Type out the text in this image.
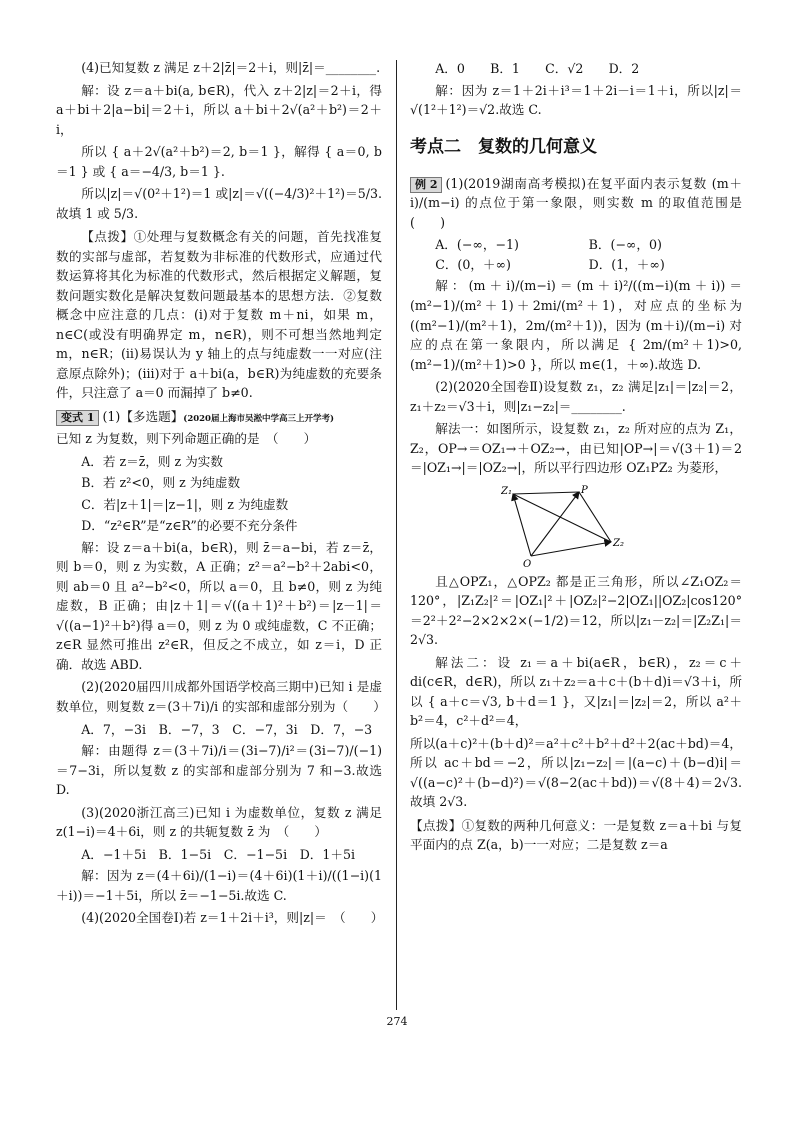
(4)已知复数 z 满足 z＋2|z̄|＝2＋i，则|z̄|＝________.

解：设 z＝a＋bi(a, b∈R)，代入 z＋2|z|＝2＋i，得 a＋bi＋2|a−bi|＝2＋i，所以 a＋bi＋2√(a²＋b²)＝2＋i，

所以 { a＋2√(a²＋b²)＝2, b＝1 }，解得 { a＝0, b＝1 } 或 { a＝−4/3, b＝1 }.

所以|z|＝√(0²＋1²)＝1 或|z|＝√((−4/3)²＋1²)＝5/3.故填 1 或 5/3.

【点拨】①处理与复数概念有关的问题，首先找准复数的实部与虚部，若复数为非标准的代数形式，应通过代数运算将其化为标准的代数形式，然后根据定义解题，复数问题实数化是解决复数问题最基本的思想方法．②复数概念中应注意的几点：(i)对于复数 m＋ni，如果 m，n∈C(或没有明确界定 m，n∈R)，则不可想当然地判定 m，n∈R；(ii)易误认为 y 轴上的点与纯虚数一一对应(注意原点除外)；(iii)对于 a＋bi(a，b∈R)为纯虚数的充要条件，只注意了 a＝0 而漏掉了 b≠0.

变式 1 (1)【多选题】(2020届上海市吴淞中学高三上开学考)

已知 z 为复数，则下列命题正确的是　（　　）

A．若 z＝z̄，则 z 为实数

B．若 z²<0，则 z 为纯虚数

C．若|z＋1|＝|z−1|，则 z 为纯虚数

D．“z²∈R”是“z∈R”的必要不充分条件

解：设 z＝a＋bi(a，b∈R)，则 z̄＝a−bi，若 z＝z̄，则 b＝0，则 z 为实数，A 正确；z²＝a²−b²＋2abi<0，则 ab＝0 且 a²−b²<0，所以 a＝0，且 b≠0，则 z 为纯虚数，B 正确；由|z＋1|＝√((a＋1)²＋b²)＝|z－1|＝√((a−1)²＋b²)得 a＝0，则 z 为 0 或纯虚数，C 不正确；z∈R 显然可推出 z²∈R，但反之不成立，如 z＝i，D 正确．故选 ABD.

(2)(2020届四川成都外国语学校高三期中)已知 i 是虚数单位，则复数 z＝(3＋7i)/i 的实部和虚部分别为（　　）

A．7，−3i　B．−7，3　C．−7，3i　D．7，−3

解：由题得 z＝(3＋7i)/i＝(3i−7)/i²＝(3i−7)/(−1)＝7−3i，所以复数 z 的实部和虚部分别为 7 和−3.故选 D.

(3)(2020浙江高三)已知 i 为虚数单位，复数 z 满足 z(1−i)＝4＋6i，则 z 的共轭复数 z̄ 为　（　　）

A．−1＋5i　B．1−5i　C．−1−5i　D．1＋5i

解：因为 z＝(4＋6i)/(1−i)＝(4＋6i)(1＋i)/((1−i)(1＋i))＝−1＋5i，所以 z̄＝−1−5i.故选 C.

(4)(2020全国卷Ⅰ)若 z＝1＋2i＋i³，则|z|＝　（　　）

A．0　　B．1　　C．√2　　D．2

解：因为 z＝1＋2i＋i³＝1＋2i－i＝1＋i，所以|z|＝√(1²＋1²)＝√2.故选 C.

考点二　复数的几何意义

例 2 (1)(2019湖南高考模拟)在复平面内表示复数 (m＋i)/(m−i) 的点位于第一象限，则实数 m 的取值范围是(　　)

A．(−∞，−1)	B．(−∞，0)
C．(0，＋∞)	D．(1，＋∞)

解：(m＋i)/(m−i)＝(m＋i)²/((m−i)(m＋i))＝(m²−1)/(m²＋1)＋2mi/(m²＋1)，对应点的坐标为((m²−1)/(m²＋1)，2m/(m²＋1))，因为 (m＋i)/(m−i) 对应的点在第一象限内，所以满足 { 2m/(m²＋1)>0, (m²−1)/(m²＋1)>0 }，所以 m∈(1，＋∞).故选 D.

(2)(2020全国卷Ⅱ)设复数 z₁，z₂ 满足|z₁|＝|z₂|＝2，z₁＋z₂＝√3＋i，则|z₁−z₂|＝________.

解法一：如图所示，设复数 z₁，z₂ 所对应的点为 Z₁，Z₂，OP→＝OZ₁→＋OZ₂→，由已知|OP→|＝√(3＋1)＝2＝|OZ₁→|＝|OZ₂→|，所以平行四边形 OZ₁PZ₂ 为菱形，

Z₁	P
Z₂
O

且△OPZ₁，△OPZ₂ 都是正三角形，所以∠Z₁OZ₂＝120°，|Z₁Z₂|²＝|OZ₁|²＋|OZ₂|²−2|OZ₁||OZ₂|cos120°＝2²＋2²−2×2×2×(−1/2)＝12，所以|z₁－z₂|＝|Z₂Z₁|＝2√3.

解法二：设 z₁＝a＋bi(a∈R，b∈R)，z₂＝c＋di(c∈R，d∈R)，所以 z₁＋z₂＝a＋c＋(b＋d)i＝√3＋i，所以 { a＋c＝√3, b＋d＝1 }，又|z₁|＝|z₂|＝2，所以 a²＋b²＝4，c²＋d²＝4，

所以(a＋c)²＋(b＋d)²＝a²＋c²＋b²＋d²＋2(ac＋bd)＝4，所以 ac＋bd＝−2，所以|z₁−z₂|＝|(a−c)＋(b−d)i|＝√((a−c)²＋(b−d)²)＝√(8−2(ac＋bd))＝√(8＋4)＝2√3.故填 2√3.

【点拨】①复数的两种几何意义：一是复数 z＝a＋bi 与复平面内的点 Z(a，b)一一对应；二是复数 z＝a

274
